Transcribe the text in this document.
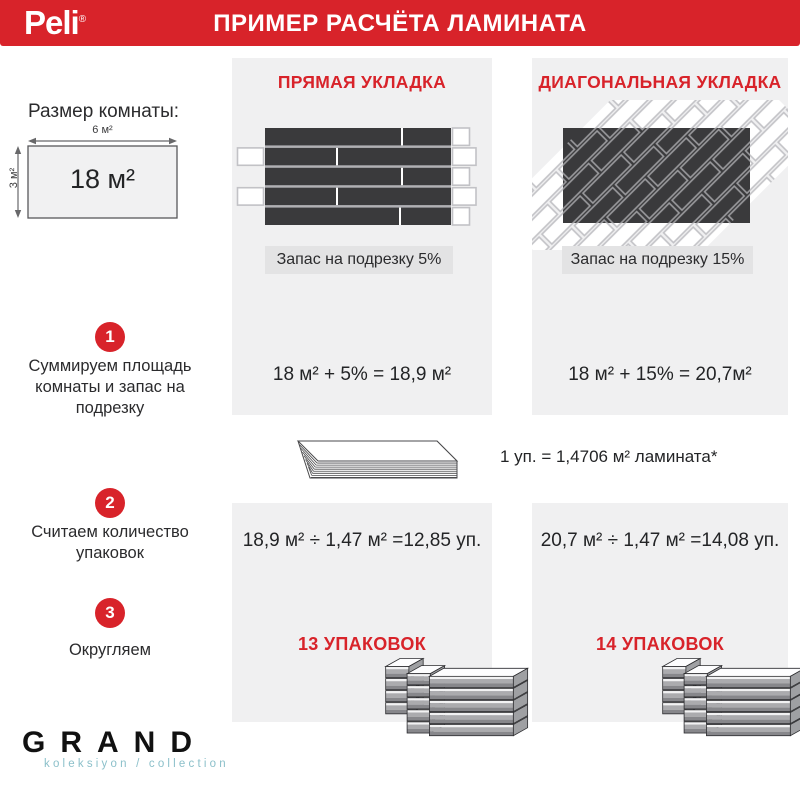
Peli®	ПРИМЕР РАСЧЁТА ЛАМИНАТА
Размер комнаты:
6 м²
3 м²	18 м²
ПРЯМАЯ УКЛАДКА	ДИАГОНАЛЬНАЯ УКЛАДКА
Запас на подрезку 5%	Запас на подрезку 15%
1
Суммируем площадь комнаты и запас на подрезку
18 м² + 5% = 18,9 м²	18 м² + 15% = 20,7м²
1 уп. = 1,4706 м² ламината*
2
Считаем количество упаковок
18,9 м² ÷ 1,47 м² =12,85 уп.	20,7 м² ÷ 1,47 м² =14,08 уп.
3
Округляем	13 УПАКОВОК	14 УПАКОВОК
GRAND
koleksiyon / collection
